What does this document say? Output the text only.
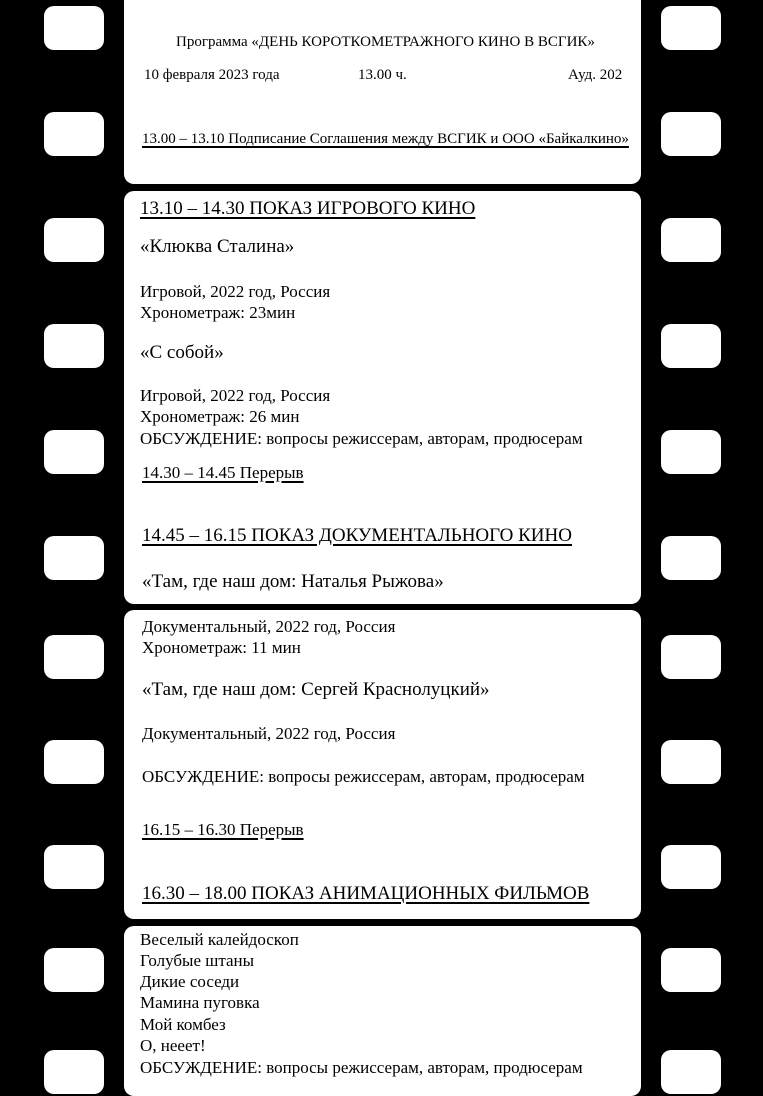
Программа «ДЕНЬ КОРОТКОМЕТРАЖНОГО КИНО В ВСГИК»

10 февраля 2023 года	13.00 ч.	Ауд. 202

13.00 – 13.10 Подписание Соглашения между ВСГИК и ООО «Байкалкино»

13.10 – 14.30 ПОКАЗ ИГРОВОГО КИНО

«Клюква Сталина»

Игровой, 2022 год, Россия

Хронометраж: 23мин

«С собой»

Игровой, 2022 год, Россия

Хронометраж: 26 мин

ОБСУЖДЕНИЕ: вопросы режиссерам, авторам, продюсерам

14.30 – 14.45 Перерыв

14.45 – 16.15 ПОКАЗ ДОКУМЕНТАЛЬНОГО КИНО

«Там, где наш дом: Наталья Рыжова»

Документальный, 2022 год, Россия

Хронометраж: 11 мин

«Там, где наш дом: Сергей Краснолуцкий»

Документальный, 2022 год, Россия

ОБСУЖДЕНИЕ: вопросы режиссерам, авторам, продюсерам

16.15 – 16.30 Перерыв

16.30 – 18.00 ПОКАЗ АНИМАЦИОННЫХ ФИЛЬМОВ

Веселый калейдоскоп

Голубые штаны

Дикие соседи

Мамина пуговка

Мой комбез

О, нееет!

ОБСУЖДЕНИЕ: вопросы режиссерам, авторам, продюсерам
